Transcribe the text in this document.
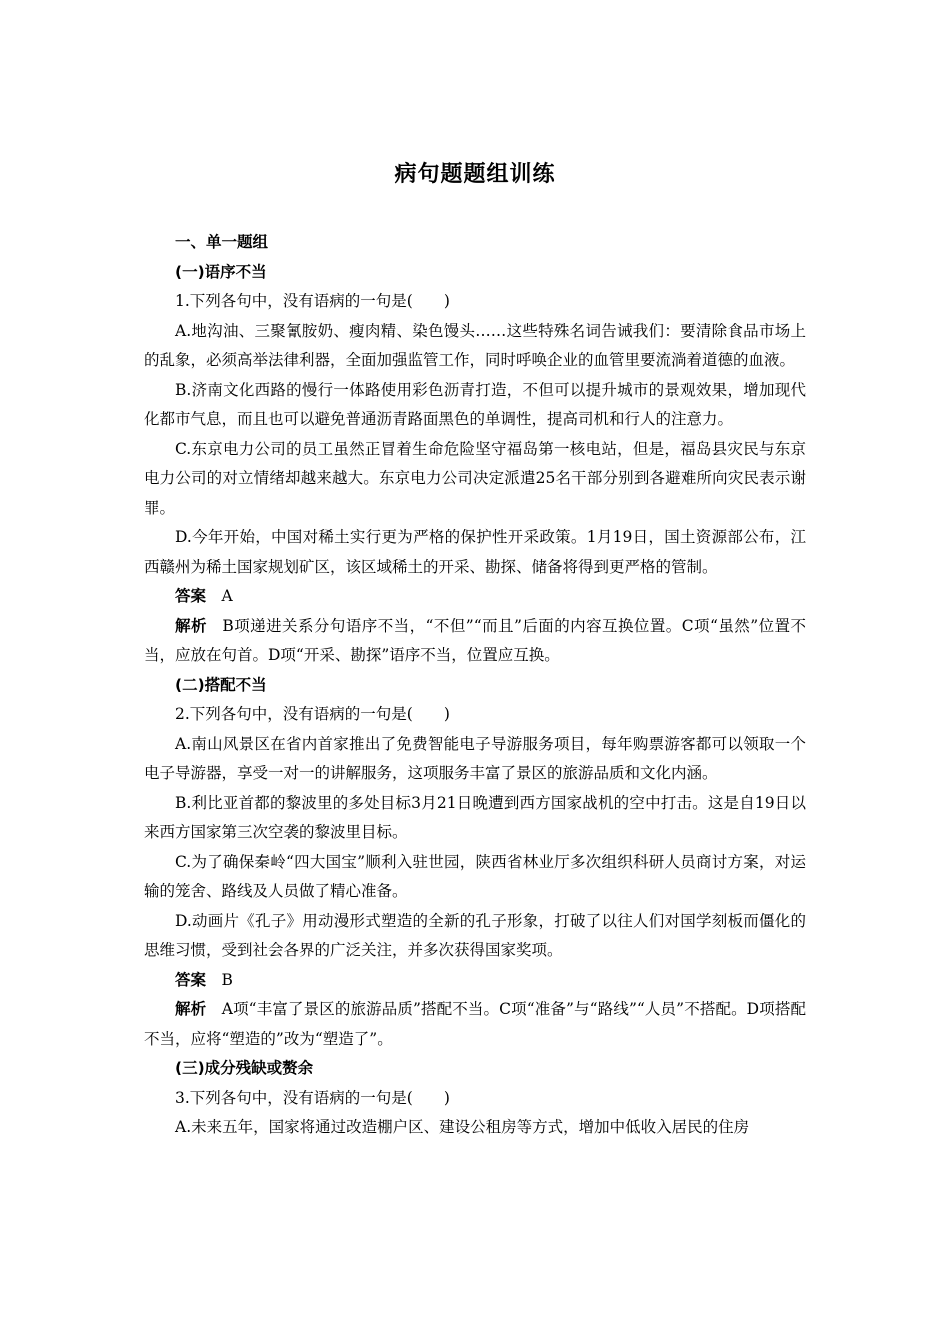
病句题题组训练

一、单一题组

(一)语序不当

1.下列各句中，没有语病的一句是(　　)

A.地沟油、三聚氰胺奶、瘦肉精、染色馒头……这些特殊名词告诫我们：要清除食品市场上的乱象，必须高举法律利器，全面加强监管工作，同时呼唤企业的血管里要流淌着道德的血液。

B.济南文化西路的慢行一体路使用彩色沥青打造，不但可以提升城市的景观效果，增加现代化都市气息，而且也可以避免普通沥青路面黑色的单调性，提高司机和行人的注意力。

C.东京电力公司的员工虽然正冒着生命危险坚守福岛第一核电站，但是，福岛县灾民与东京电力公司的对立情绪却越来越大。东京电力公司决定派遣25名干部分别到各避难所向灾民表示谢罪。

D.今年开始，中国对稀土实行更为严格的保护性开采政策。1月19日，国土资源部公布，江西赣州为稀土国家规划矿区，该区域稀土的开采、勘探、储备将得到更严格的管制。

答案 A

解析 B项递进关系分句语序不当，“不但”“而且”后面的内容互换位置。C项“虽然”位置不当，应放在句首。D项“开采、勘探”语序不当，位置应互换。

(二)搭配不当

2.下列各句中，没有语病的一句是(　　)

A.南山风景区在省内首家推出了免费智能电子导游服务项目，每年购票游客都可以领取一个电子导游器，享受一对一的讲解服务，这项服务丰富了景区的旅游品质和文化内涵。

B.利比亚首都的黎波里的多处目标3月21日晚遭到西方国家战机的空中打击。这是自19日以来西方国家第三次空袭的黎波里目标。

C.为了确保秦岭“四大国宝”顺利入驻世园，陕西省林业厅多次组织科研人员商讨方案，对运输的笼舍、路线及人员做了精心准备。

D.动画片《孔子》用动漫形式塑造的全新的孔子形象，打破了以往人们对国学刻板而僵化的思维习惯，受到社会各界的广泛关注，并多次获得国家奖项。

答案 B

解析 A项“丰富了景区的旅游品质”搭配不当。C项“准备”与“路线”“人员”不搭配。D项搭配不当，应将“塑造的”改为“塑造了”。

(三)成分残缺或赘余

3.下列各句中，没有语病的一句是(　　)

A.未来五年，国家将通过改造棚户区、建设公租房等方式，增加中低收入居民的住房
